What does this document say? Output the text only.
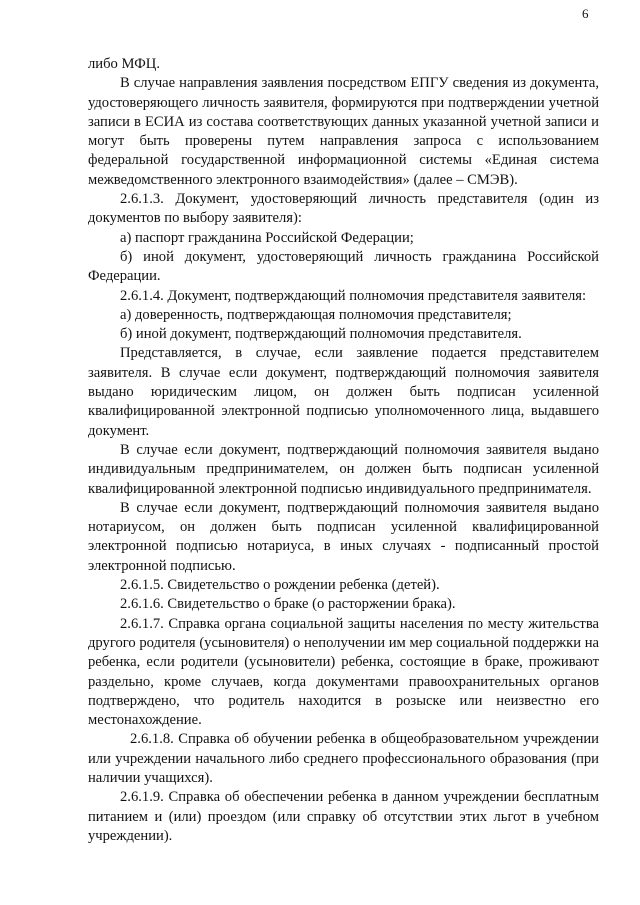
6

либо МФЦ.

В случае направления заявления посредством ЕПГУ сведения из документа, удостоверяющего личность заявителя, формируются при подтверждении учетной записи в ЕСИА из состава соответствующих данных указанной учетной записи и могут быть проверены путем направления запроса с использованием федеральной государственной информационной системы «Единая система межведомственного электронного взаимодействия» (далее – СМЭВ).

2.6.1.3. Документ, удостоверяющий личность представителя (один из документов по выбору заявителя):

а) паспорт гражданина Российской Федерации;

б) иной документ, удостоверяющий личность гражданина Российской Федерации.

2.6.1.4. Документ, подтверждающий полномочия представителя заявителя:

а) доверенность, подтверждающая полномочия представителя;

б) иной документ, подтверждающий полномочия представителя.

Представляется, в случае, если заявление подается представителем заявителя. В случае если документ, подтверждающий полномочия заявителя выдано юридическим лицом, он должен быть подписан усиленной квалифицированной электронной подписью уполномоченного лица, выдавшего документ.

В случае если документ, подтверждающий полномочия заявителя выдано индивидуальным предпринимателем, он должен быть подписан усиленной квалифицированной электронной подписью индивидуального предпринимателя.

В случае если документ, подтверждающий полномочия заявителя выдано нотариусом, он должен быть подписан усиленной квалифицированной электронной подписью нотариуса, в иных случаях - подписанный простой электронной подписью.

2.6.1.5. Свидетельство о рождении ребенка (детей).

2.6.1.6. Свидетельство о браке (о расторжении брака).

2.6.1.7. Справка органа социальной защиты населения по месту жительства другого родителя (усыновителя) о неполучении им мер социальной поддержки на ребенка, если родители (усыновители) ребенка, состоящие в браке, проживают раздельно, кроме случаев, когда документами правоохранительных органов подтверждено, что родитель находится в розыске или неизвестно его местонахождение.

2.6.1.8. Справка об обучении ребенка в общеобразовательном учреждении или учреждении начального либо среднего профессионального образования (при наличии учащихся).

2.6.1.9. Справка об обеспечении ребенка в данном учреждении бесплатным питанием и (или) проездом (или справку об отсутствии этих льгот в учебном учреждении).
